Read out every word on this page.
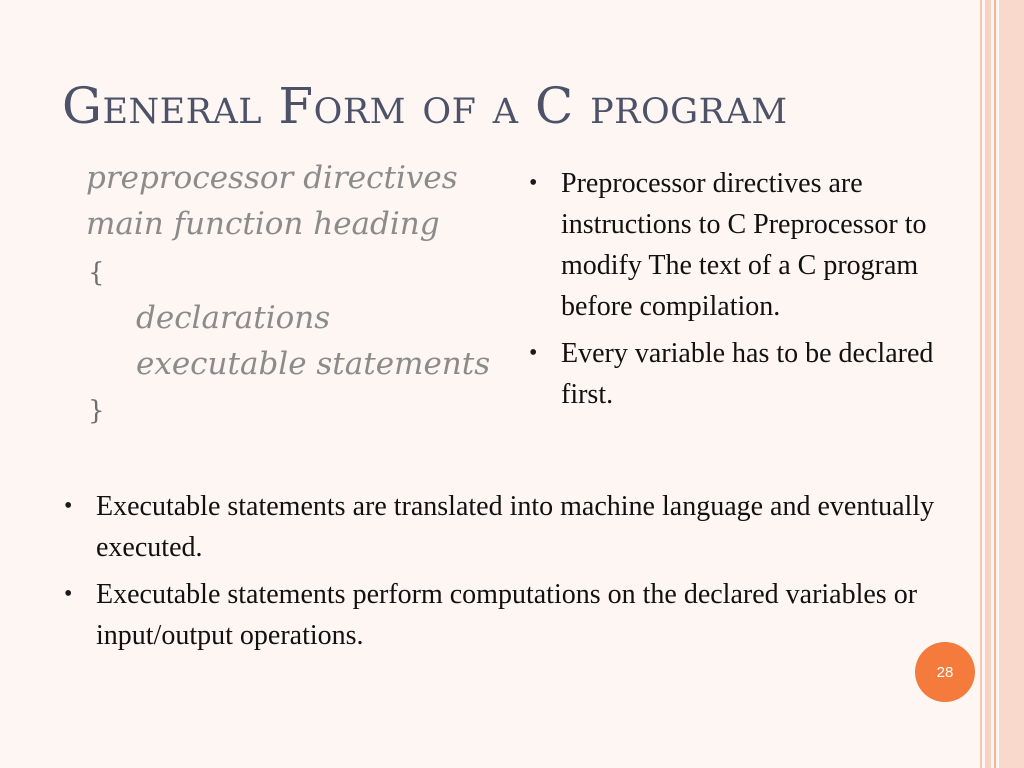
General Form of a C program
preprocessor directives
main function heading
{
declarations
executable statements
}
• Preprocessor directives are instructions to C Preprocessor to modify The text of a C program before compilation.
• Every variable has to be declared first.
• Executable statements are translated into machine language and eventually executed.
• Executable statements perform computations on the declared variables or input/output operations.
28
